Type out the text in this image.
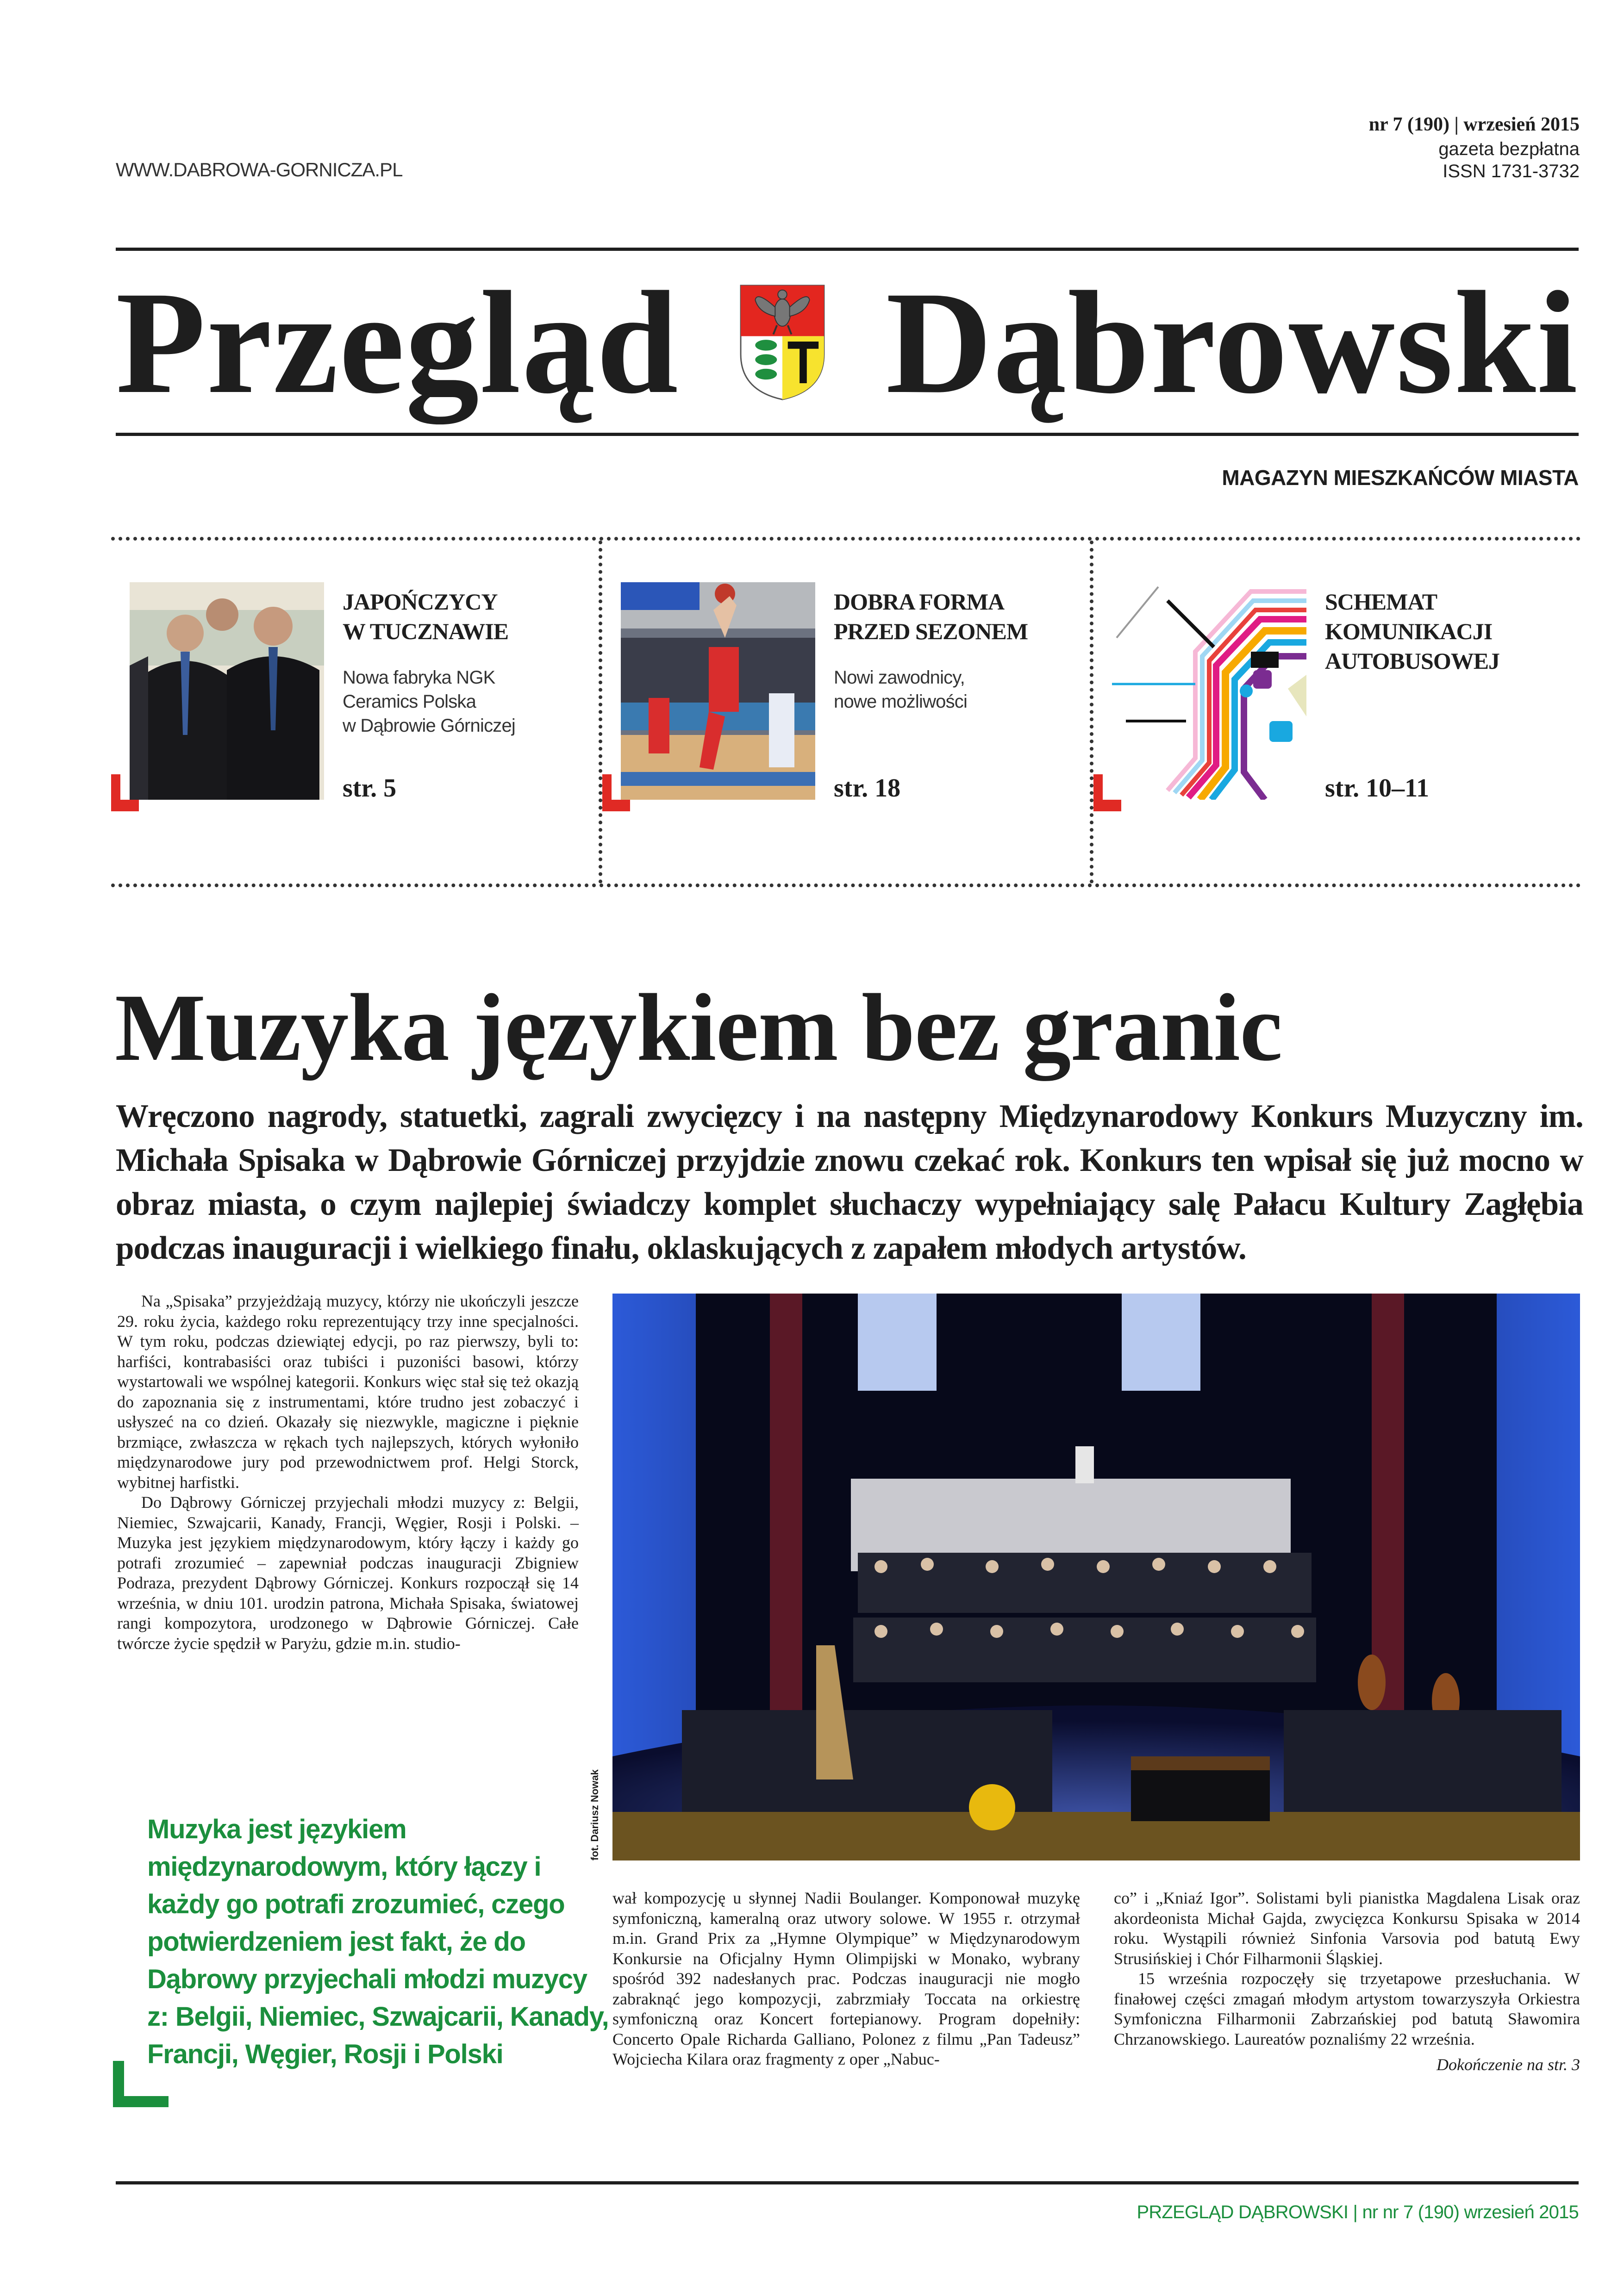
WWW.DABROWA-GORNICZA.PL
nr 7 (190) | wrzesień 2015
gazeta bezpłatna
ISSN 1731-3732
Przegląd Dąbrowski
MAGAZYN MIESZKAŃCÓW MIASTA
JAPOŃCZYCY
W TUCZNAWIE
Nowa fabryka NGK
Ceramics Polska
w Dąbrowie Górniczej
str. 5
DOBRA FORMA
PRZED SEZONEM
Nowi zawodnicy,
nowe możliwości
str. 18
SCHEMAT
KOMUNIKACJI
AUTOBUSOWEJ
str. 10–11
Muzyka językiem bez granic
Wręczono nagrody, statuetki, zagrali zwycięzcy i na następny Międzynarodowy Konkurs Muzyczny im. Michała Spisaka w Dąbrowie Górniczej przyjdzie znowu czekać rok. Konkurs ten wpisał się już mocno w obraz miasta, o czym najlepiej świadczy komplet słuchaczy wypełniający salę Pałacu Kultury Zagłębia podczas inauguracji i wielkiego finału, oklaskujących z zapałem młodych artystów.

Na „Spisaka” przyjeżdżają muzycy, którzy nie ukończyli jeszcze 29. roku życia, każdego roku reprezentujący trzy inne specjalności. W tym roku, podczas dziewiątej edycji, po raz pierwszy, byli to: harfiści, kontrabasiści oraz tubiści i puzoniści basowi, którzy wystartowali we wspólnej kategorii. Konkurs więc stał się też okazją do zapoznania się z instrumentami, które trudno jest zobaczyć i usłyszeć na co dzień. Okazały się niezwykle, magiczne i pięknie brzmiące, zwłaszcza w rękach tych najlepszych, których wyłoniło międzynarodowe jury pod przewodnictwem prof. Helgi Storck, wybitnej harfistki.

Do Dąbrowy Górniczej przyjechali młodzi muzycy z: Belgii, Niemiec, Szwajcarii, Kanady, Francji, Węgier, Rosji i Polski. – Muzyka jest językiem międzynarodowym, który łączy i każdy go potrafi zrozumieć – zapewniał podczas inauguracji Zbigniew Podraza, prezydent Dąbrowy Górniczej. Konkurs rozpoczął się 14 września, w dniu 101. urodzin patrona, Michała Spisaka, światowej rangi kompozytora, urodzonego w Dąbrowie Górniczej. Całe twórcze życie spędził w Paryżu, gdzie m.in. studio-

fot. Dariusz Nowak
Muzyka jest językiem międzynarodowym, który łączy i każdy go potrafi zrozumieć, czego potwierdzeniem jest fakt, że do Dąbrowy przyjechali młodzi muzycy z: Belgii, Niemiec, Szwajcarii, Kanady, Francji, Węgier, Rosji i Polski

wał kompozycję u słynnej Nadii Boulanger. Komponował muzykę symfoniczną, kameralną oraz utwory solowe. W 1955 r. otrzymał m.in. Grand Prix za „Hymne Olympique” w Międzynarodowym Konkursie na Oficjalny Hymn Olimpijski w Monako, wybrany spośród 392 nadesłanych prac. Podczas inauguracji nie mogło zabraknąć jego kompozycji, zabrzmiały Toccata na orkiestrę symfoniczną oraz Koncert fortepianowy. Program dopełniły: Concerto Opale Richarda Galliano, Polonez z filmu „Pan Tadeusz” Wojciecha Kilara oraz fragmenty z oper „Nabuc-

co” i „Kniaź Igor”. Solistami byli pianistka Magdalena Lisak oraz akordeonista Michał Gajda, zwycięzca Konkursu Spisaka w 2014 roku. Wystąpili również Sinfonia Varsovia pod batutą Ewy Strusińskiej i Chór Filharmonii Śląskiej.

15 września rozpoczęły się trzyetapowe przesłuchania. W finałowej części zmagań młodym artystom towarzyszyła Orkiestra Symfoniczna Filharmonii Zabrzańskiej pod batutą Sławomira Chrzanowskiego. Laureatów poznaliśmy 22 września.

Dokończenie na str. 3

PRZEGLĄD DĄBROWSKI | nr nr 7 (190) wrzesień 2015
